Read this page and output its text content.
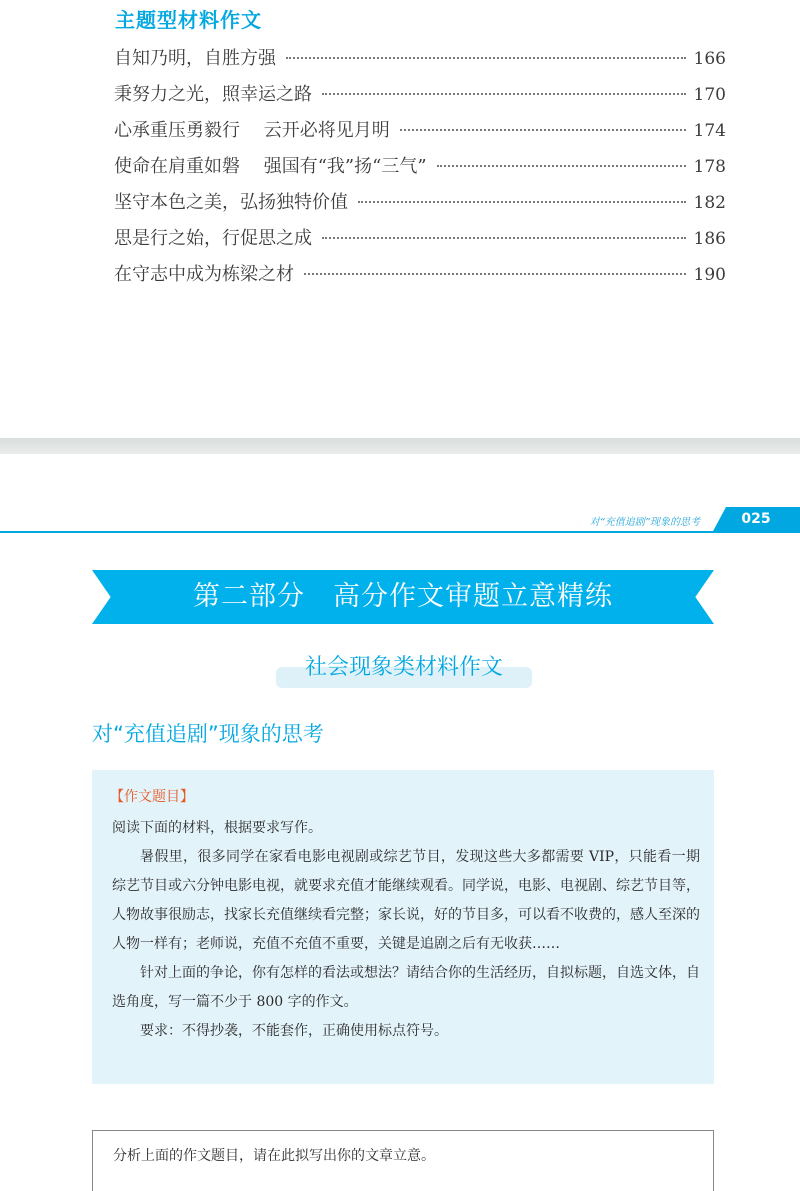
主题型材料作文
自知乃明，自胜方强	166
秉努力之光，照幸运之路	170
心承重压勇毅行　 云开必将见月明	174
使命在肩重如磐　 强国有“我”扬“三气”	178
坚守本色之美，弘扬独特价值	182
思是行之始，行促思之成	186
在守志中成为栋梁之材	190
对“充值追剧”现象的思考	025
第二部分　高分作文审题立意精练
社会现象类材料作文
对“充值追剧”现象的思考
【作文题目】

阅读下面的材料，根据要求写作。

暑假里，很多同学在家看电影电视剧或综艺节目，发现这些大多都需要 VIP，只能看一期综艺节目或六分钟电影电视，就要求充值才能继续观看。同学说，电影、电视剧、综艺节目等，人物故事很励志，找家长充值继续看完整；家长说，好的节目多，可以看不收费的，感人至深的人物一样有；老师说，充值不充值不重要，关键是追剧之后有无收获……

针对上面的争论，你有怎样的看法或想法？请结合你的生活经历，自拟标题，自选文体，自选角度，写一篇不少于 800 字的作文。

要求：不得抄袭，不能套作，正确使用标点符号。

分析上面的作文题目，请在此拟写出你的文章立意。
